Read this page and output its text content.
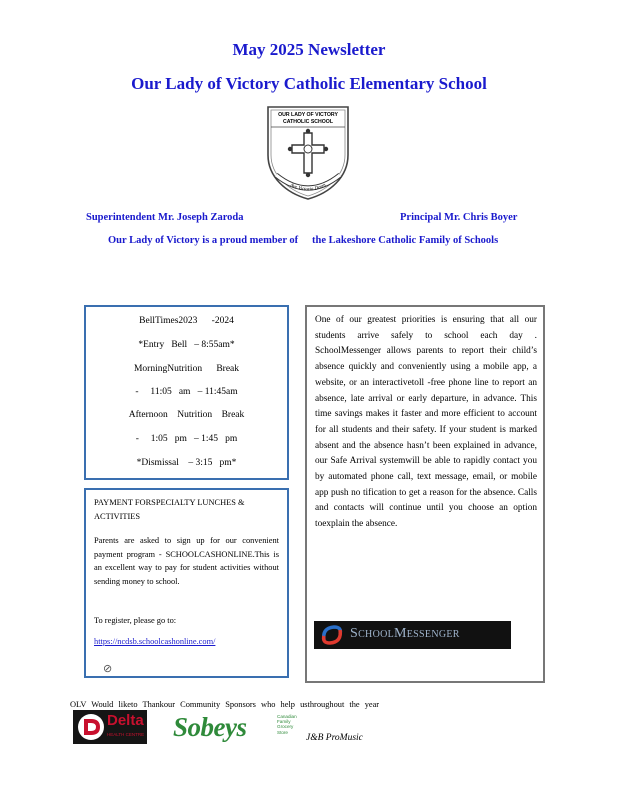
May 2025 Newsletter
Our Lady of Victory Catholic Elementary School
OUR LADY OF VICTORY
CATHOLIC SCHOOL
Ave Victoria Deum
Superintendent Mr. Joseph Zaroda	Principal Mr. Chris Boyer
Our Lady of Victory is a proud member of the Lakeshore Catholic Family of Schools
BellTimes2023      -2024
*Entry   Bell   – 8:55am*
MorningNutrition      Break
-     11:05   am   – 11:45am
Afternoon    Nutrition    Break
-     1:05   pm   – 1:45   pm
*Dismissal    – 3:15   pm*
PAYMENT FORSPECIALTY LUNCHES & ACTIVITIES
Parents are asked to sign up for our convenient payment program - SCHOOLCASHONLINE.This is an excellent way to pay for student activities without sending money to school.
To register, please go to:
https://ncdsb.schoolcashonline.com/
⊘
One of our greatest priorities is ensuring that all our students arrive safely to school each day . SchoolMessenger allows parents to report their child’s absence quickly and conveniently using a mobile app, a website, or an interactivetoll -free phone line to report an absence, late arrival or early departure, in advance. This time savings makes it faster and more efficient to account for all students and their safety. If your student is marked absent and the absence hasn’t been explained in advance, our Safe Arrival systemwill be able to rapidly contact you by automated phone call, text message, email, or mobile app push no tification to get a reason for the absence. Calls and contacts will continue until you choose an option toexplain the absence.
SchoolMessenger
OLV Would liketo Thankour Community Sponsors who help usthroughout the year
Delta
HEALTH CENTRE Sobeys	Canadian Family Grocery Store
J&B ProMusic
